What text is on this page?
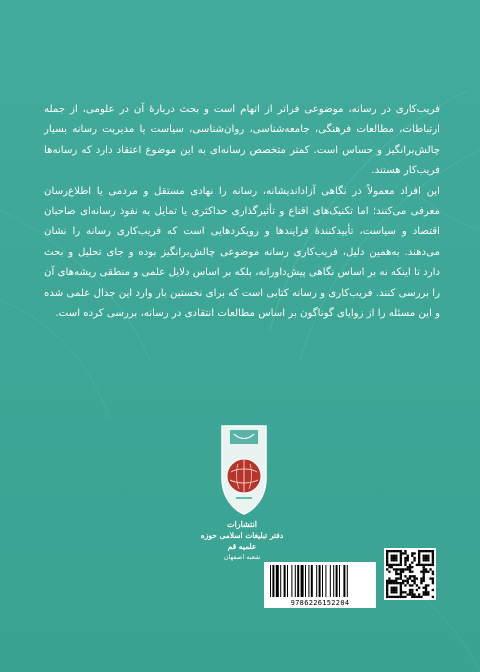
فریب‌کاری در رسانه، موضوعی فراتر از اتهام است و بحث دربارهٔ آن در علومی، از جمله ارتباطات، مطالعات فرهنگی، جامعه‌شناسی، روان‌شناسی، سیاست یا مدیریت رسانه بسیار چالش‌برانگیز و حساس است. کمتر متخصص رسانه‌ای به این موضوع اعتقاد دارد که رسانه‌ها فریب‌کار هستند.

این افراد معمولاً در نگاهی آزاداندیشانه، رسانه را نهادی مستقل و مردمی یا اطلاع‌رسان معرفی می‌کنند؛ اما تکنیک‌های اقناع و تأثیرگذاری حداکثری یا تمایل به نفوذ رسانه‌ای صاحبان اقتصاد و سیاست، تأییدکنندهٔ فرایندها و رویکردهایی است که فریب‌کاری رسانه را نشان می‌دهند. به‌همین دلیل، فریب‌کاری رسانه موضوعی چالش‌برانگیز بوده و جای تحلیل و بحث دارد تا اینکه نه بر اساس نگاهی پیش‌داورانه، بلکه بر اساس دلایل علمی و منطقی ریشه‌های آن را بررسی کنند. فریب‌کاری و رسانه کتابی است که برای نخستین بار وارد این جدال علمی شده و این مسئله را از زوایای گوناگون بر اساس مطالعات انتقادی در رسانه، بررسی کرده است.

انتشارات
دفتر تبلیغات اسلامی حوزه علمیه قم
شعبه اصفهان
9786226152204
